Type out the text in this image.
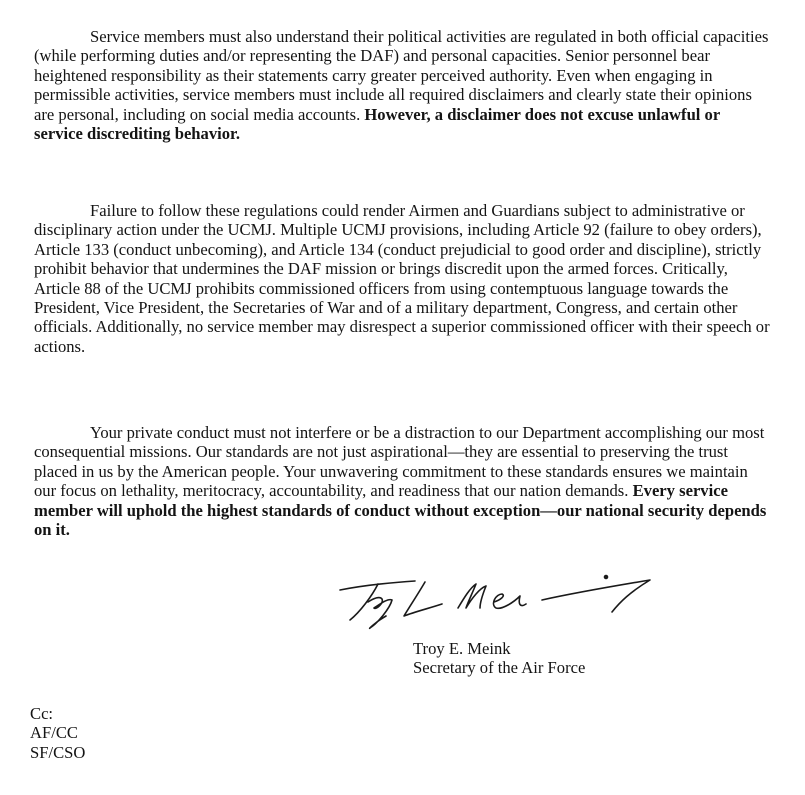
Service members must also understand their political activities are regulated in both official capacities (while performing duties and/or representing the DAF) and personal capacities. Senior personnel bear heightened responsibility as their statements carry greater perceived authority. Even when engaging in permissible activities, service members must include all required disclaimers and clearly state their opinions are personal, including on social media accounts. However, a disclaimer does not excuse unlawful or service discrediting behavior.

Failure to follow these regulations could render Airmen and Guardians subject to administrative or disciplinary action under the UCMJ. Multiple UCMJ provisions, including Article 92 (failure to obey orders), Article 133 (conduct unbecoming), and Article 134 (conduct prejudicial to good order and discipline), strictly prohibit behavior that undermines the DAF mission or brings discredit upon the armed forces. Critically, Article 88 of the UCMJ prohibits commissioned officers from using contemptuous language towards the President, Vice President, the Secretaries of War and of a military department, Congress, and certain other officials. Additionally, no service member may disrespect a superior commissioned officer with their speech or actions.

Your private conduct must not interfere or be a distraction to our Department accomplishing our most consequential missions. Our standards are not just aspirational—they are essential to preserving the trust placed in us by the American people. Your unwavering commitment to these standards ensures we maintain our focus on lethality, meritocracy, accountability, and readiness that our nation demands. Every service member will uphold the highest standards of conduct without exception—our national security depends on it.

Troy E. Meink
Secretary of the Air Force
Cc:
AF/CC
SF/CSO
